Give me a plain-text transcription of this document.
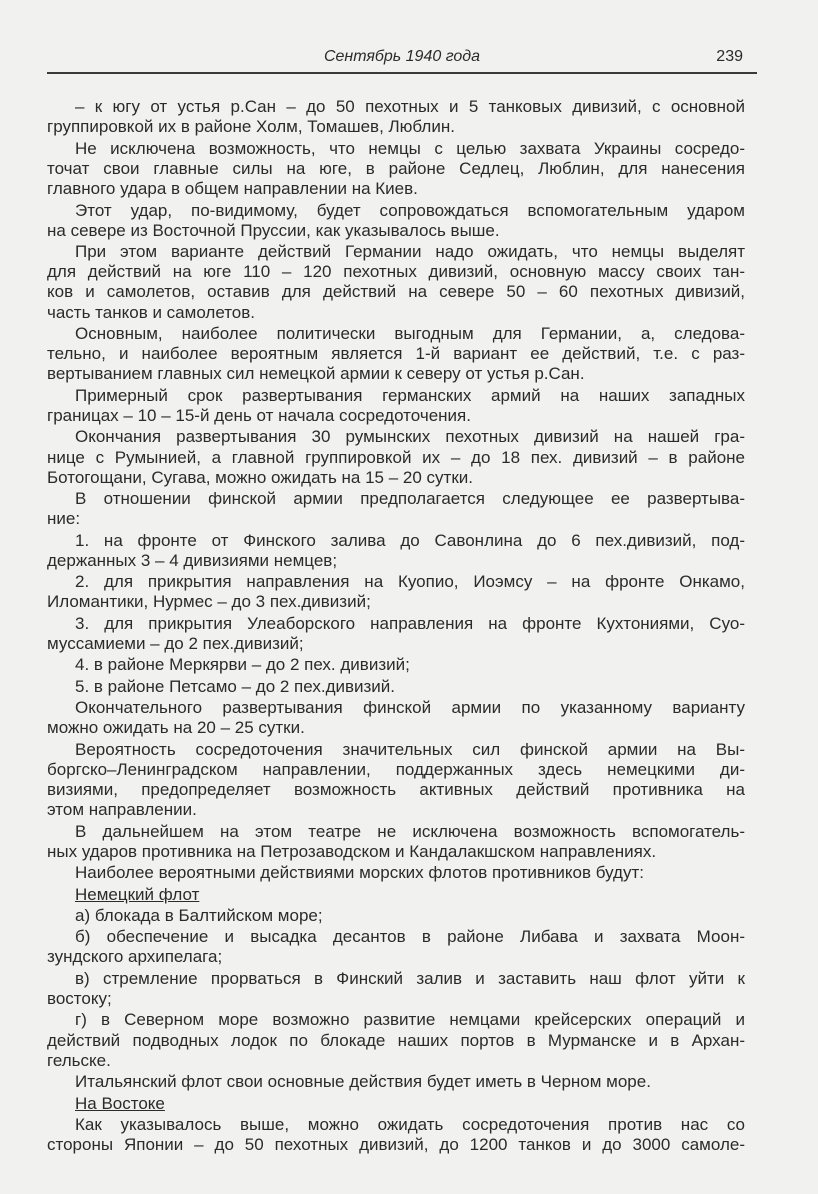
Сентябрь 1940 года	239
– к югу от устья р.Сан – до 50 пехотных и 5 танковых дивизий, с основной
группировкой их в районе Холм, Томашев, Люблин.
Не исключена возможность, что немцы с целью захвата Украины сосредо-
точат свои главные силы на юге, в районе Седлец, Люблин, для нанесения
главного удара в общем направлении на Киев.
Этот удар, по-видимому, будет сопровождаться вспомогательным ударом
на севере из Восточной Пруссии, как указывалось выше.
При этом варианте действий Германии надо ожидать, что немцы выделят
для действий на юге 110 – 120 пехотных дивизий, основную массу своих тан-
ков и самолетов, оставив для действий на севере 50 – 60 пехотных дивизий,
часть танков и самолетов.
Основным, наиболее политически выгодным для Германии, а, следова-
тельно, и наиболее вероятным является 1-й вариант ее действий, т.е. с раз-
вертыванием главных сил немецкой армии к северу от устья р.Сан.
Примерный срок развертывания германских армий на наших западных
границах – 10 – 15-й день от начала сосредоточения.
Окончания развертывания 30 румынских пехотных дивизий на нашей гра-
нице с Румынией, а главной группировкой их – до 18 пех. дивизий – в районе
Ботогощани, Сугава, можно ожидать на 15 – 20 сутки.
В отношении финской армии предполагается следующее ее развертыва-
ние:
1. на фронте от Финского залива до Савонлина до 6 пех.дивизий, под-
держанных 3 – 4 дивизиями немцев;
2. для прикрытия направления на Куопио, Иоэмсу – на фронте Онкамо,
Иломантики, Нурмес – до 3 пех.дивизий;
3. для прикрытия Улеаборского направления на фронте Кухтониями, Суо-
муссамиеми – до 2 пех.дивизий;
4. в районе Меркярви – до 2 пех. дивизий;
5. в районе Петсамо – до 2 пех.дивизий.
Окончательного развертывания финской армии по указанному варианту
можно ожидать на 20 – 25 сутки.
Вероятность сосредоточения значительных сил финской армии на Вы-
боргско–Ленинградском направлении, поддержанных здесь немецкими ди-
визиями, предопределяет возможность активных действий противника на
этом направлении.
В дальнейшем на этом театре не исключена возможность вспомогатель-
ных ударов противника на Петрозаводском и Кандалакшском направлениях.
Наиболее вероятными действиями морских флотов противников будут:
Немецкий флот
а) блокада в Балтийском море;
б) обеспечение и высадка десантов в районе Либава и захвата Моон-
зундского архипелага;
в) стремление прорваться в Финский залив и заставить наш флот уйти к
востоку;
г) в Северном море возможно развитие немцами крейсерских операций и
действий подводных лодок по блокаде наших портов в Мурманске и в Архан-
гельске.
Итальянский флот свои основные действия будет иметь в Черном море.
На Востоке
Как указывалось выше, можно ожидать сосредоточения против нас со
стороны Японии – до 50 пехотных дивизий, до 1200 танков и до 3000 самоле-
